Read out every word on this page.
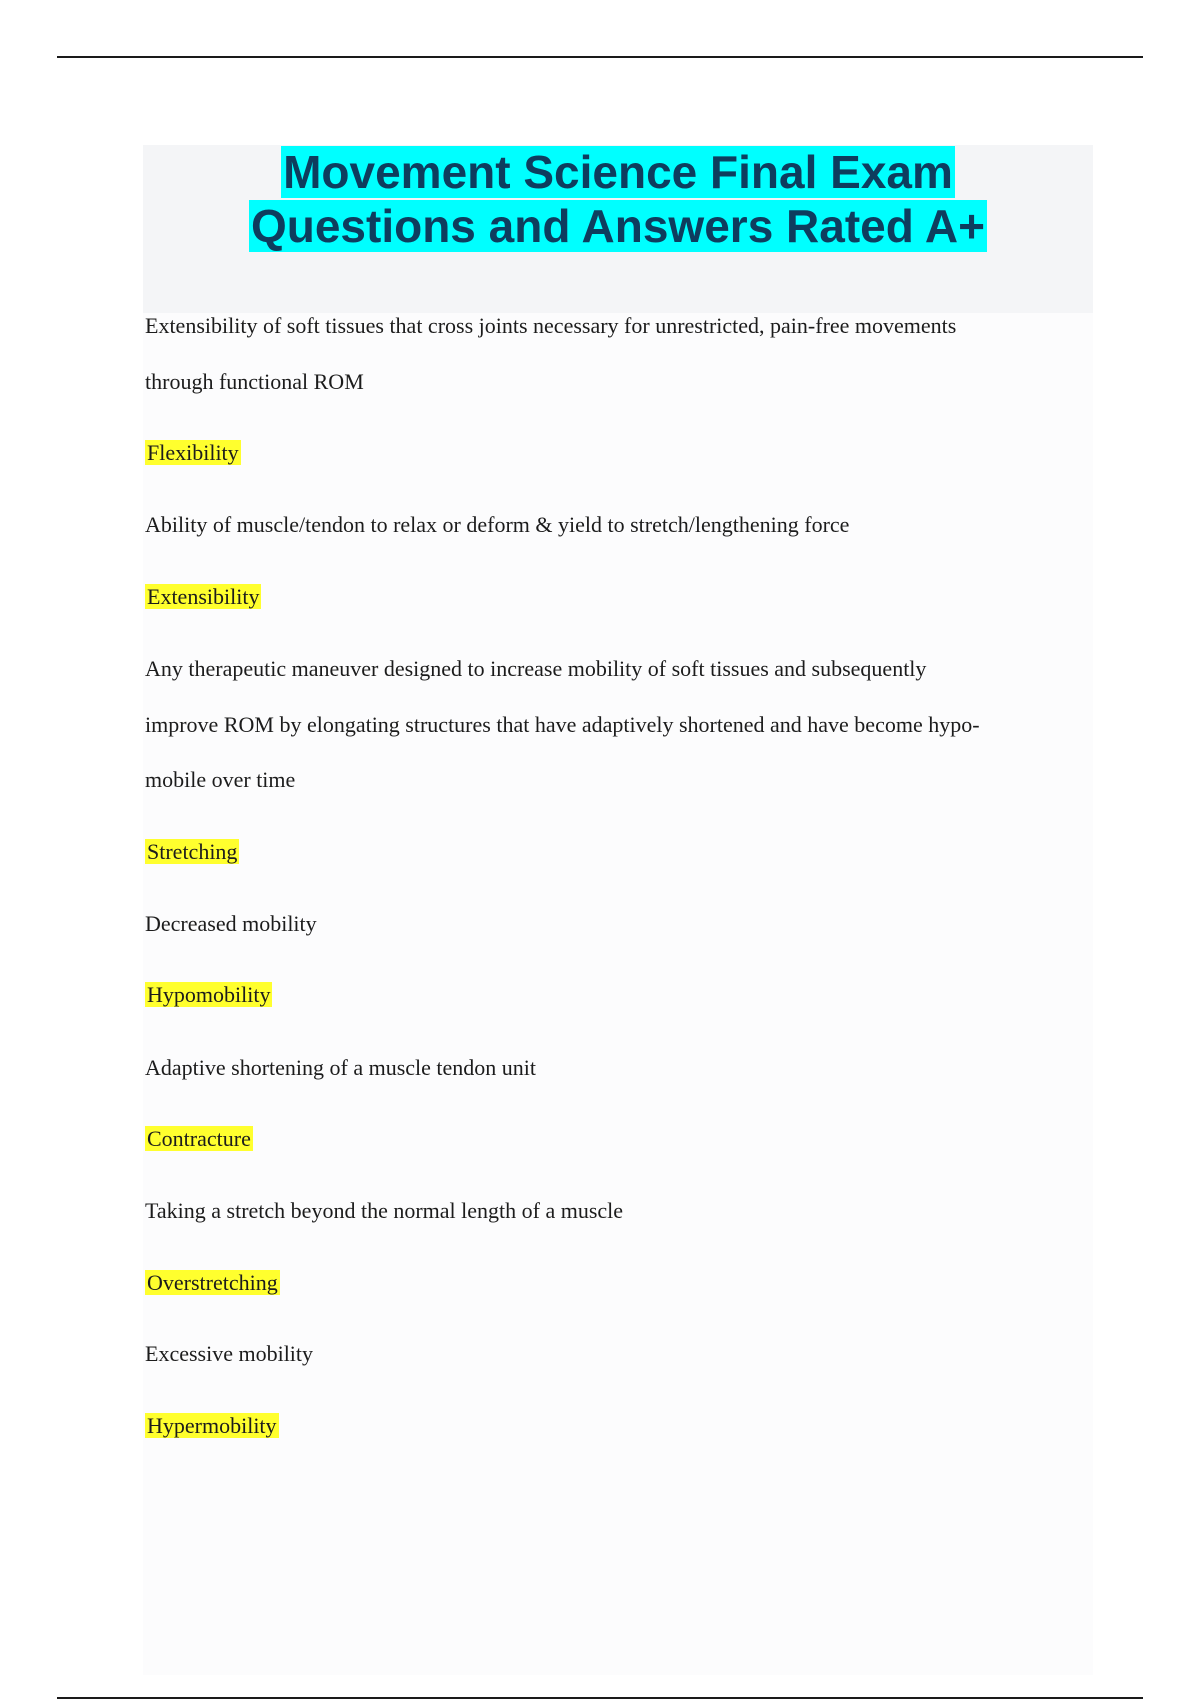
Movement Science Final Exam
Questions and Answers Rated A+
Extensibility of soft tissues that cross joints necessary for unrestricted, pain-free movements
through functional ROM
Flexibility
Ability of muscle/tendon to relax or deform & yield to stretch/lengthening force
Extensibility
Any therapeutic maneuver designed to increase mobility of soft tissues and subsequently
improve ROM by elongating structures that have adaptively shortened and have become hypo-
mobile over time
Stretching
Decreased mobility
Hypomobility
Adaptive shortening of a muscle tendon unit
Contracture
Taking a stretch beyond the normal length of a muscle
Overstretching
Excessive mobility
Hypermobility
